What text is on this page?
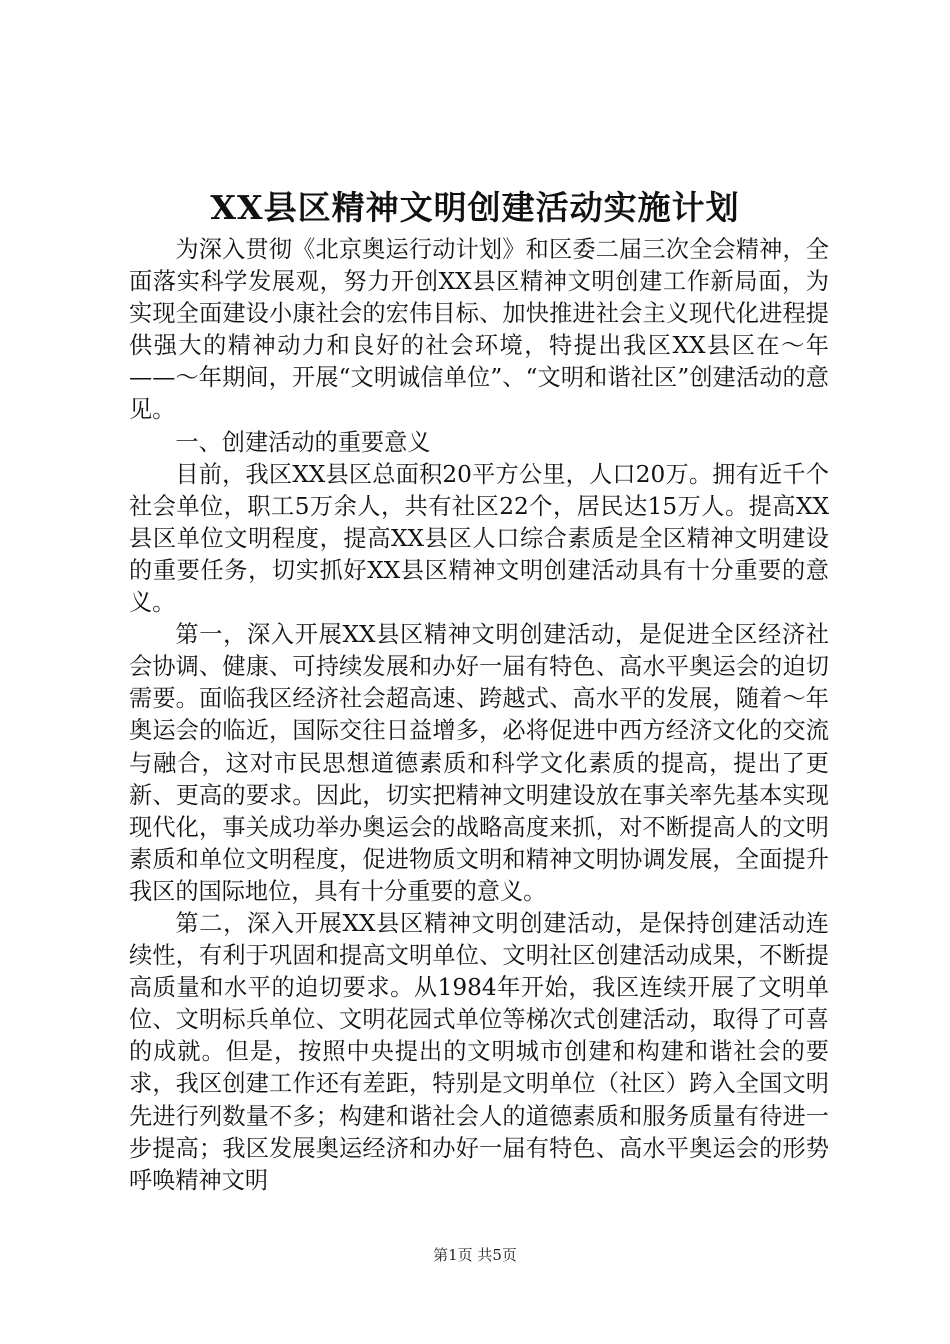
XX县区精神文明创建活动实施计划

为深入贯彻《北京奥运行动计划》和区委二届三次全会精神，全面落实科学发展观，努力开创XX县区精神文明创建工作新局面，为实现全面建设小康社会的宏伟目标、加快推进社会主义现代化进程提供强大的精神动力和良好的社会环境，特提出我区XX县区在～年——～年期间，开展“文明诚信单位”、“文明和谐社区”创建活动的意见。

一、创建活动的重要意义

目前，我区XX县区总面积20平方公里，人口20万。拥有近千个社会单位，职工5万余人，共有社区22个，居民达15万人。提高XX县区单位文明程度，提高XX县区人口综合素质是全区精神文明建设的重要任务，切实抓好XX县区精神文明创建活动具有十分重要的意义。

第一，深入开展XX县区精神文明创建活动，是促进全区经济社会协调、健康、可持续发展和办好一届有特色、高水平奥运会的迫切需要。面临我区经济社会超高速、跨越式、高水平的发展，随着～年奥运会的临近，国际交往日益增多，必将促进中西方经济文化的交流与融合，这对市民思想道德素质和科学文化素质的提高，提出了更新、更高的要求。因此，切实把精神文明建设放在事关率先基本实现现代化，事关成功举办奥运会的战略高度来抓，对不断提高人的文明素质和单位文明程度，促进物质文明和精神文明协调发展，全面提升我区的国际地位，具有十分重要的意义。

第二，深入开展XX县区精神文明创建活动，是保持创建活动连续性，有利于巩固和提高文明单位、文明社区创建活动成果，不断提高质量和水平的迫切要求。从1984年开始，我区连续开展了文明单位、文明标兵单位、文明花园式单位等梯次式创建活动，取得了可喜的成就。但是，按照中央提出的文明城市创建和构建和谐社会的要求，我区创建工作还有差距，特别是文明单位（社区）跨入全国文明先进行列数量不多；构建和谐社会人的道德素质和服务质量有待进一步提高；我区发展奥运经济和办好一届有特色、高水平奥运会的形势呼唤精神文明

第1页 共5页
